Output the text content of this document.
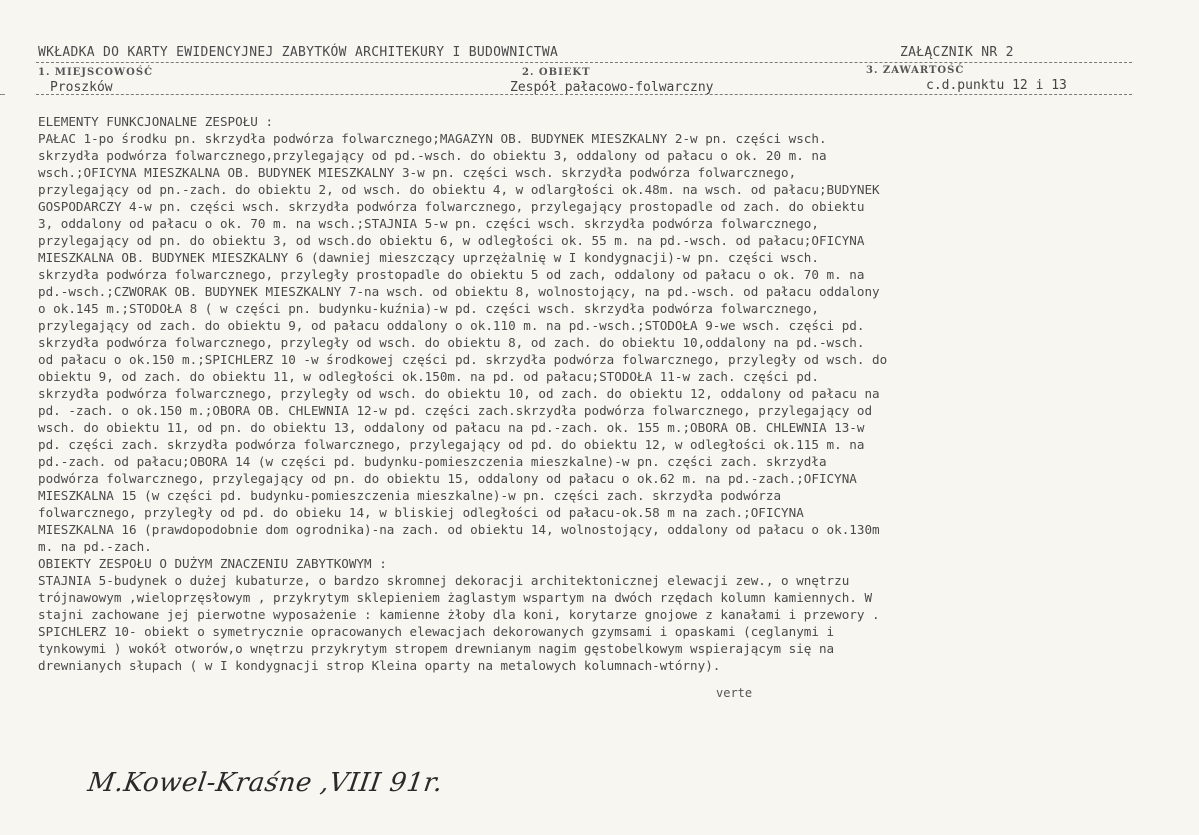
WKŁADKA DO KARTY EWIDENCYJNEJ ZABYTKÓW ARCHITEKURY I BUDOWNICTWA	ZAŁĄCZNIK NR 2
1. MIEJSCOWOŚĆ	2. OBIEKT	3. ZAWARTOŚĆ
Proszków	Zespół pałacowo-folwarczny	c.d.punktu 12 i 13
ELEMENTY FUNKCJONALNE ZESPOŁU :
PAŁAC 1-po środku pn. skrzydła podwórza folwarcznego;MAGAZYN OB. BUDYNEK MIESZKALNY 2-w pn. części wsch.
skrzydła podwórza folwarcznego,przylegający od pd.-wsch. do obiektu 3, oddalony od pałacu o ok. 20 m. na
wsch.;OFICYNA MIESZKALNA OB. BUDYNEK MIESZKALNY 3-w pn. części wsch. skrzydła podwórza folwarcznego,
przylegający od pn.-zach. do obiektu 2, od wsch. do obiektu 4, w odlargłości ok.48m. na wsch. od pałacu;BUDYNEK
GOSPODARCZY 4-w pn. części wsch. skrzydła podwórza folwarcznego, przylegający prostopadle od zach. do obiektu
3, oddalony od pałacu o ok. 70 m. na wsch.;STAJNIA 5-w pn. części wsch. skrzydła podwórza folwarcznego,
przylegający od pn. do obiektu 3, od wsch.do obiektu 6, w odległości ok. 55 m. na pd.-wsch. od pałacu;OFICYNA
MIESZKALNA OB. BUDYNEK MIESZKALNY 6 (dawniej mieszczący uprzężalnię w I kondygnacji)-w pn. części wsch.
skrzydła podwórza folwarcznego, przyległy prostopadle do obiektu 5 od zach, oddalony od pałacu o ok. 70 m. na
pd.-wsch.;CZWORAK OB. BUDYNEK MIESZKALNY 7-na wsch. od obiektu 8, wolnostojący, na pd.-wsch. od pałacu oddalony
o ok.145 m.;STODOŁA 8 ( w części pn. budynku-kuźnia)-w pd. części wsch. skrzydła podwórza folwarcznego,
przylegający od zach. do obiektu 9, od pałacu oddalony o ok.110 m. na pd.-wsch.;STODOŁA 9-we wsch. części pd.
skrzydła podwórza folwarcznego, przyległy od wsch. do obiektu 8, od zach. do obiektu 10,oddalony na pd.-wsch.
od pałacu o ok.150 m.;SPICHLERZ 10 -w środkowej części pd. skrzydła podwórza folwarcznego, przyległy od wsch. do
obiektu 9, od zach. do obiektu 11, w odległości ok.150m. na pd. od pałacu;STODOŁA 11-w zach. części pd.
skrzydła podwórza folwarcznego, przyległy od wsch. do obiektu 10, od zach. do obiektu 12, oddalony od pałacu na
pd. -zach. o ok.150 m.;OBORA OB. CHLEWNIA 12-w pd. części zach.skrzydła podwórza folwarcznego, przylegający od
wsch. do obiektu 11, od pn. do obiektu 13, oddalony od pałacu na pd.-zach. ok. 155 m.;OBORA OB. CHLEWNIA 13-w
pd. części zach. skrzydła podwórza folwarcznego, przylegający od pd. do obiektu 12, w odległości ok.115 m. na
pd.-zach. od pałacu;OBORA 14 (w części pd. budynku-pomieszczenia mieszkalne)-w pn. części zach. skrzydła
podwórza folwarcznego, przylegający od pn. do obiektu 15, oddalony od pałacu o ok.62 m. na pd.-zach.;OFICYNA
MIESZKALNA 15 (w części pd. budynku-pomieszczenia mieszkalne)-w pn. części zach. skrzydła podwórza
folwarcznego, przyległy od pd. do obieku 14, w bliskiej odległości od pałacu-ok.58 m na zach.;OFICYNA
MIESZKALNA 16 (prawdopodobnie dom ogrodnika)-na zach. od obiektu 14, wolnostojący, oddalony od pałacu o ok.130m
m. na pd.-zach.
OBIEKTY ZESPOŁU O DUŻYM ZNACZENIU ZABYTKOWYM :
STAJNIA 5-budynek o dużej kubaturze, o bardzo skromnej dekoracji architektonicznej elewacji zew., o wnętrzu
trójnawowym ,wieloprzęsłowym , przykrytym sklepieniem żaglastym wspartym na dwóch rzędach kolumn kamiennych. W
stajni zachowane jej pierwotne wyposażenie : kamienne żłoby dla koni, korytarze gnojowe z kanałami i przewory .
SPICHLERZ 10- obiekt o symetrycznie opracowanych elewacjach dekorowanych gzymsami i opaskami (ceglanymi i
tynkowymi ) wokół otworów,o wnętrzu przykrytym stropem drewnianym nagim gęstobelkowym wspierającym się na
drewnianych słupach ( w I kondygnacji strop Kleina oparty na metalowych kolumnach-wtórny).
verte
M.Kowel-Kraśne ,VIII 91r.
